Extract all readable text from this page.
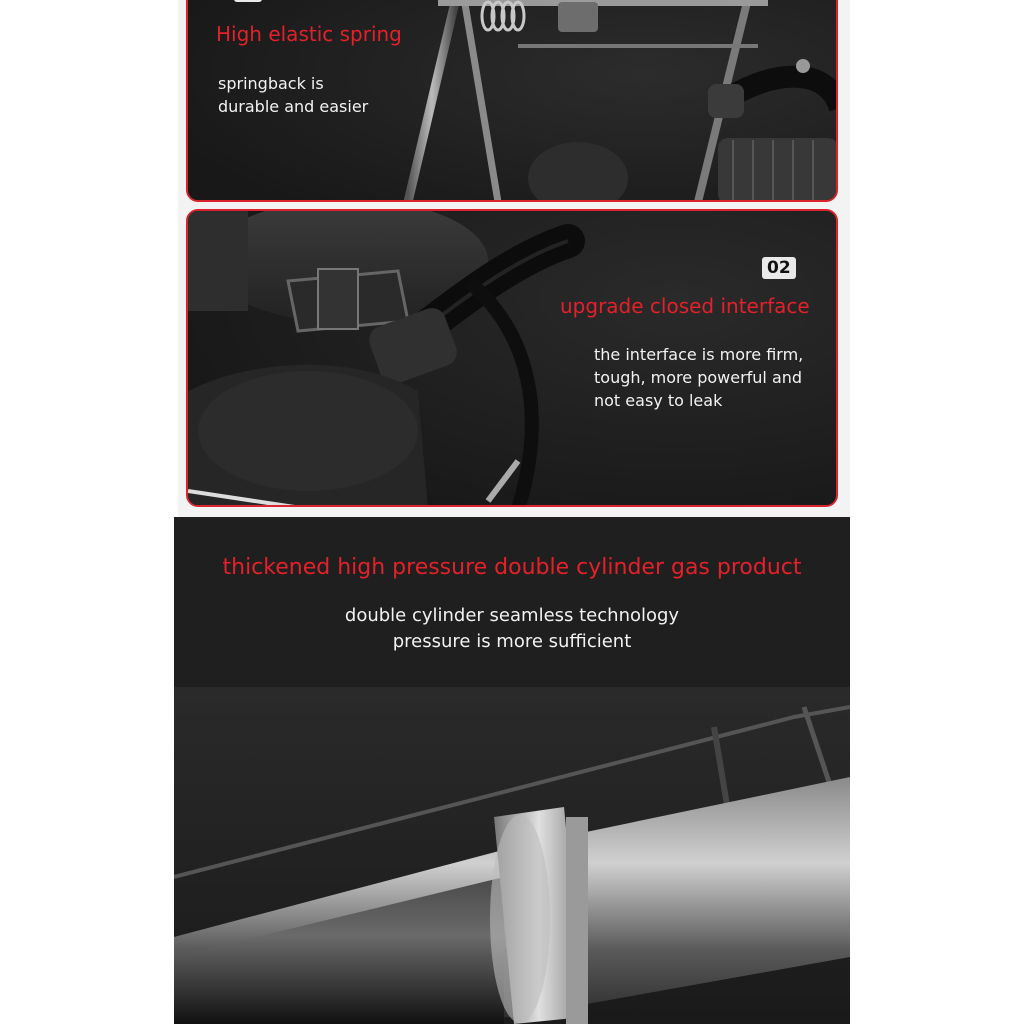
High elastic spring
springback is
durable and easier
02
upgrade closed interface
the interface is more firm,
tough, more powerful and
not easy to leak
thickened high pressure double cylinder gas product
double cylinder seamless technology
pressure is more sufficient
